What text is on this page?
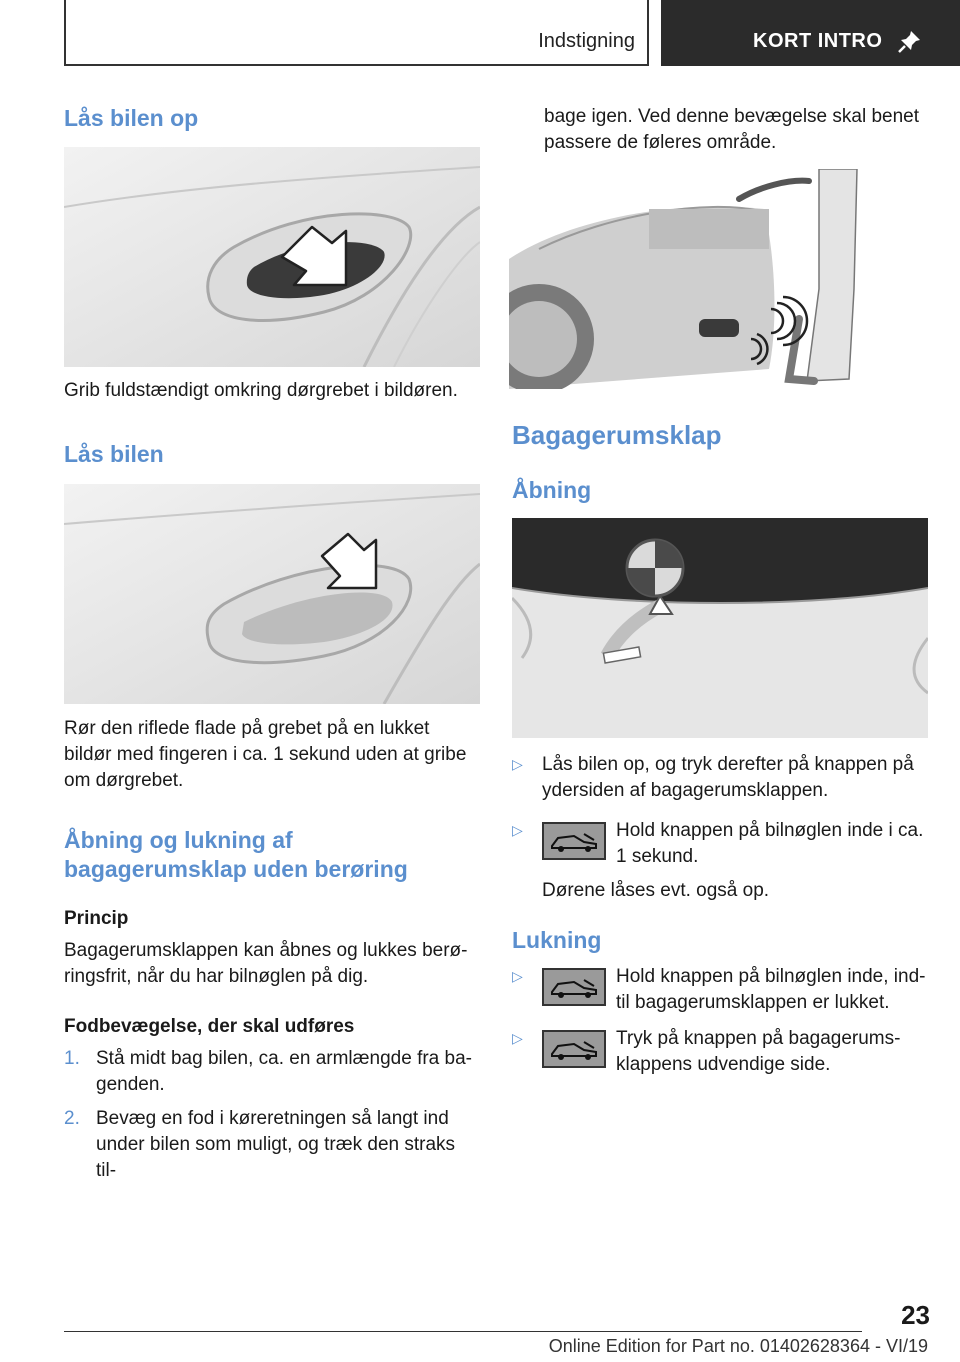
Indstigning	KORT INTRO
Lås bilen op

Grib fuldstændigt omkring dørgrebet i bildøren.

Lås bilen

Rør den riflede flade på grebet på en lukket bildør med fingeren i ca. 1 sekund uden at gribe om dørgrebet.

Åbning og lukning af bagagerumsklap uden berøring
Princip

Bagagerumsklappen kan åbnes og lukkes berøringsfrit, når du har bilnøglen på dig.

Fodbevægelse, der skal udføres
1. Stå midt bag bilen, ca. en armlængde fra bagenden.
2. Bevæg en fod i køreretningen så langt ind under bilen som muligt, og træk den straks til-

bage igen. Ved denne bevægelse skal benet passere de føleres område.

Bagagerumsklap
Åbning
▷ Lås bilen op, og tryk derefter på knappen på ydersiden af bagagerumsklappen.

▷	Hold knappen på bilnøglen inde i ca. 1 sekund.

Dørene låses evt. også op.

Lukning
▷	Hold knappen på bilnøglen inde, indtil bagagerumsklappen er lukket.

▷	Tryk på knappen på bagagerumsklappens udvendige side.

23
Online Edition for Part no. 01402628364 - VI/19
